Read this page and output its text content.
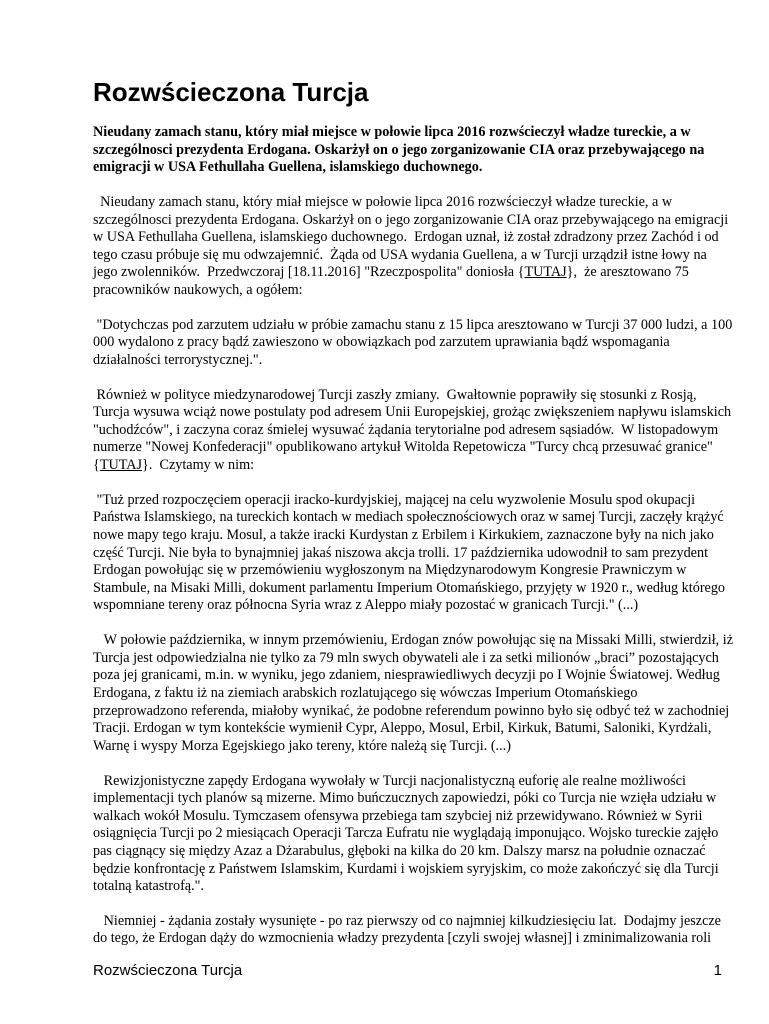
Rozwścieczona Turcja

Nieudany zamach stanu, który miał miejsce w połowie lipca 2016 rozwścieczył władze tureckie, a w szczególnosci prezydenta Erdogana. Oskarżył on o jego zorganizowanie CIA oraz przebywającego na emigracji w USA Fethullaha Guellena, islamskiego duchownego.

Nieudany zamach stanu, który miał miejsce w połowie lipca 2016 rozwścieczył władze tureckie, a w szczególnosci prezydenta Erdogana. Oskarżył on o jego zorganizowanie CIA oraz przebywającego na emigracji w USA Fethullaha Guellena, islamskiego duchownego.  Erdogan uznał, iż został zdradzony przez Zachód i od tego czasu próbuje się mu odwzajemnić.  Żąda od USA wydania Guellena, a w Turcji urządził istne łowy na jego zwolenników.  Przedwczoraj [18.11.2016] "Rzeczpospolita" doniosła {TUTAJ},  że aresztowano 75 pracowników naukowych, a ogółem:

"Dotychczas pod zarzutem udziału w próbie zamachu stanu z 15 lipca aresztowano w Turcji 37 000 ludzi, a 100 000 wydalono z pracy bądź zawieszono w obowiązkach pod zarzutem uprawiania bądź wspomagania działalności terrorystycznej.".

Również w polityce miedzynarodowej Turcji zaszły zmiany.  Gwałtownie poprawiły się stosunki z Rosją, Turcja wysuwa wciąż nowe postulaty pod adresem Unii Europejskiej, grożąc zwiększeniem napływu islamskich "uchodźców", i zaczyna coraz śmielej wysuwać żądania terytorialne pod adresem sąsiadów.  W listopadowym numerze "Nowej Konfederacji" opublikowano artykuł Witolda Repetowicza "Turcy chcą przesuwać granice" {TUTAJ}.  Czytamy w nim:

"Tuż przed rozpoczęciem operacji iracko-kurdyjskiej, mającej na celu wyzwolenie Mosulu spod okupacji Państwa Islamskiego, na tureckich kontach w mediach społecznościowych oraz w samej Turcji, zaczęły krążyć nowe mapy tego kraju. Mosul, a także iracki Kurdystan z Erbilem i Kirkukiem, zaznaczone były na nich jako część Turcji. Nie była to bynajmniej jakaś niszowa akcja trolli. 17 października udowodnił to sam prezydent Erdogan powołując się w przemówieniu wygłoszonym na Międzynarodowym Kongresie Prawniczym w Stambule, na Misaki Milli, dokument parlamentu Imperium Otomańskiego, przyjęty w 1920 r., według którego wspomniane tereny oraz północna Syria wraz z Aleppo miały pozostać w granicach Turcji." (...)

W połowie października, w innym przemówieniu, Erdogan znów powołując się na Missaki Milli, stwierdził, iż Turcja jest odpowiedzialna nie tylko za 79 mln swych obywateli ale i za setki milionów „braci” pozostających poza jej granicami, m.in. w wyniku, jego zdaniem, niesprawiedliwych decyzji po I Wojnie Światowej. Według Erdogana, z faktu iż na ziemiach arabskich rozlatującego się wówczas Imperium Otomańskiego przeprowadzono referenda, miałoby wynikać, że podobne referendum powinno było się odbyć też w zachodniej Tracji. Erdogan w tym kontekście wymienił Cypr, Aleppo, Mosul, Erbil, Kirkuk, Batumi, Saloniki, Kyrdżali, Warnę i wyspy Morza Egejskiego jako tereny, które należą się Turcji. (...)

Rewizjonistyczne zapędy Erdogana wywołały w Turcji nacjonalistyczną euforię ale realne możliwości implementacji tych planów są mizerne. Mimo buńczucznych zapowiedzi, póki co Turcja nie wzięła udziału w walkach wokół Mosulu. Tymczasem ofensywa przebiega tam szybciej niż przewidywano. Również w Syrii osiągnięcia Turcji po 2 miesiącach Operacji Tarcza Eufratu nie wyglądają imponująco. Wojsko tureckie zajęło pas ciągnący się między Azaz a Dżarabulus, głęboki na kilka do 20 km. Dalszy marsz na południe oznaczać będzie konfrontację z Państwem Islamskim, Kurdami i wojskiem syryjskim, co może zakończyć się dla Turcji totalną katastrofą.".

Niemniej - żądania zostały wysunięte - po raz pierwszy od co najmniej kilkudziesięciu lat.  Dodajmy jeszcze do tego, że Erdogan dąży do wzmocnienia władzy prezydenta [czyli swojej własnej] i zminimalizowania roli

Rozwścieczona Turcja	1
